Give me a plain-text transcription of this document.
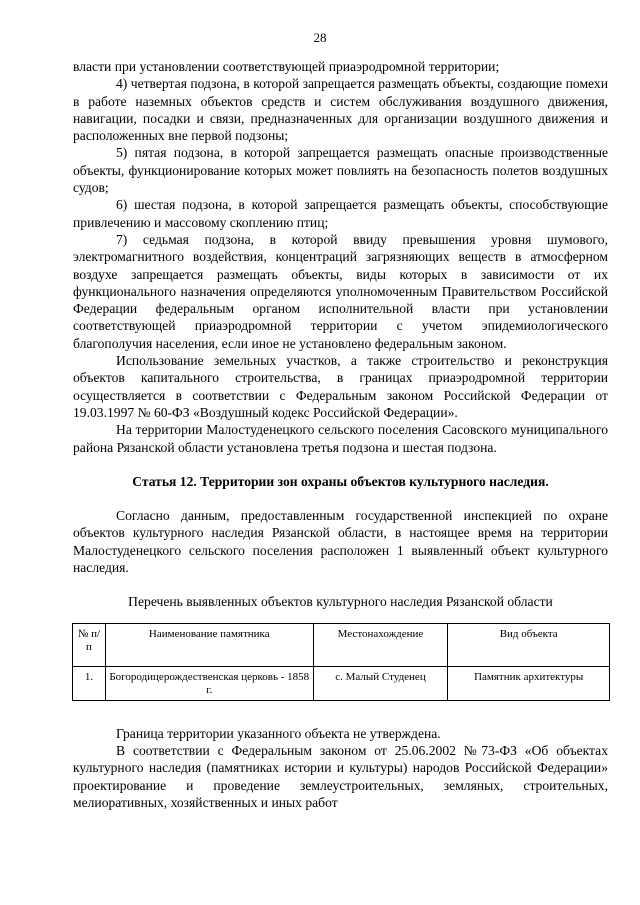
28

власти при установлении соответствующей приаэродромной территории;

4) четвертая подзона, в которой запрещается размещать объекты, создающие помехи в работе наземных объектов средств и систем обслуживания воздушного движения, навигации, посадки и связи, предназначенных для организации воздушного движения и расположенных вне первой подзоны;

5) пятая подзона, в которой запрещается размещать опасные производственные объекты, функционирование которых может повлиять на безопасность полетов воздушных судов;

6) шестая подзона, в которой запрещается размещать объекты, способствующие привлечению и массовому скоплению птиц;

7) седьмая подзона, в которой ввиду превышения уровня шумового, электромагнитного воздействия, концентраций загрязняющих веществ в атмосферном воздухе запрещается размещать объекты, виды которых в зависимости от их функционального назначения определяются уполномоченным Правительством Российской Федерации федеральным органом исполнительной власти при установлении соответствующей приаэродромной территории с учетом эпидемиологического благополучия населения, если иное не установлено федеральным законом.

Использование земельных участков, а также строительство и реконструкция объектов капитального строительства, в границах приаэродромной территории осуществляется в соответствии с Федеральным законом Российской Федерации от 19.03.1997 № 60-ФЗ «Воздушный кодекс Российской Федерации».

На территории Малостуденецкого сельского поселения Сасовского муниципального района Рязанской области установлена третья подзона и шестая подзона.

Статья 12. Территории зон охраны объектов культурного наследия.

Согласно данным, предоставленным государственной инспекцией по охране объектов культурного наследия Рязанской области, в настоящее время на территории Малостуденецкого сельского поселения расположен 1 выявленный объект культурного наследия.

Перечень выявленных объектов культурного наследия Рязанской области
№ п/п	Наименование памятника	Местонахождение	Вид объекта
1.	Богородицерождественская церковь - 1858 г.	с. Малый Студенец	Памятник архитектуры

Граница территории указанного объекта не утверждена.

В соответствии с Федеральным законом от 25.06.2002 №73-ФЗ «Об объектах культурного наследия (памятниках истории и культуры) народов Российской Федерации» проектирование и проведение землеустроительных, земляных, строительных, мелиоративных, хозяйственных и иных работ
